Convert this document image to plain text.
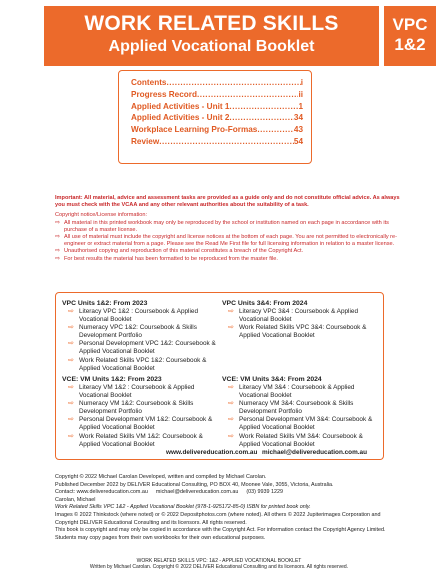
WORK RELATED SKILLS
Applied Vocational Booklet
VPC
1&2
Contents .....	i
Progress Record .....	ii
Applied Activities - Unit 1 .....	1
Applied Activities - Unit 2 .....	34
Workplace Learning Pro-Formas .....	43
Review .....	54
Important: All material, advice and assessment tasks are provided as a guide only and do not constitute official advice. As always you must check with the VCAA and any other relevant authorities about the suitability of a task.
Copyright notice/License information:
⇨ All material in this printed workbook may only be reproduced by the school or institution named on each page in accordance with its purchase of a master license.
⇨ All use of material must include the copyright and license notices at the bottom of each page. You are not permitted to electronically re-engineer or extract material from a page. Please see the Read Me First file for full licensing information in relation to a master license.
⇨ Unauthorised copying and reproduction of this material constitutes a breach of the Copyright Act.
⇨ For best results the material has been formatted to be reproduced from the master file.
VPC Units 1&2: From 2023
⇨ Literacy VPC 1&2 : Coursebook & Applied Vocational Booklet
⇨ Numeracy VPC 1&2: Coursebook & Skills Development Portfolio
⇨ Personal Development VPC 1&2: Coursebook & Applied Vocational Booklet
⇨ Work Related Skills VPC 1&2: Coursebook & Applied Vocational Booklet
VPC Units 3&4: From 2024
⇨ Literacy VPC 3&4 : Coursebook & Applied Vocational Booklet
⇨ Work Related Skills VPC 3&4: Coursebook & Applied Vocational Booklet
VCE: VM Units 1&2: From 2023
⇨ Literacy VM 1&2 : Coursebook & Applied Vocational Booklet
⇨ Numeracy VM 1&2: Coursebook & Skills Development Portfolio
⇨ Personal Development VM 1&2: Coursebook & Applied Vocational Booklet
⇨ Work Related Skills VM 1&2: Coursebook & Applied Vocational Booklet
VCE: VM Units 3&4: From 2024
⇨ Literacy VM 3&4 : Coursebook & Applied Vocational Booklet
⇨ Numeracy VM 3&4: Coursebook & Skills Development Portfolio
⇨ Personal Development VM 3&4: Coursebook & Applied Vocational Booklet
⇨ Work Related Skills VM 3&4: Coursebook & Applied Vocational Booklet
www.delivereducation.com.au michael@delivereducation.com.au
Copyright © 2022 Michael Carolan Developed, written and compiled by Michael Carolan.
Published December 2022 by DELIVER Educational Consulting, PO BOX 40, Moonee Vale, 3055, Victoria, Australia.
Contact: www.delivereducation.com.au michael@delivereducation.com.au (03) 9939 1229
Carolan, Michael
Work Related Skills VPC 1&2 - Applied Vocational Booklet (978-1-925172-85-0) ISBN for printed book only.
Images © 2022 Thinkstock (where noted) or © 2022 Depositphotos.com (where noted). All others © 2022 Jupiterimages Corporation and Copyright DELIVER Educational Consulting and its licensors. All rights reserved.
This book is copyright and may only be copied in accordance with the Copyright Act. For information contact the Copyright Agency Limited. Students may copy pages from their own workbooks for their own educational purposes.
WORK RELATED SKILLS VPC: 1&2 - APPLIED VOCATIONAL BOOKLET
Written by Michael Carolan. Copyright © 2022 DELIVER Educational Consulting and its licensors. All rights reserved.
